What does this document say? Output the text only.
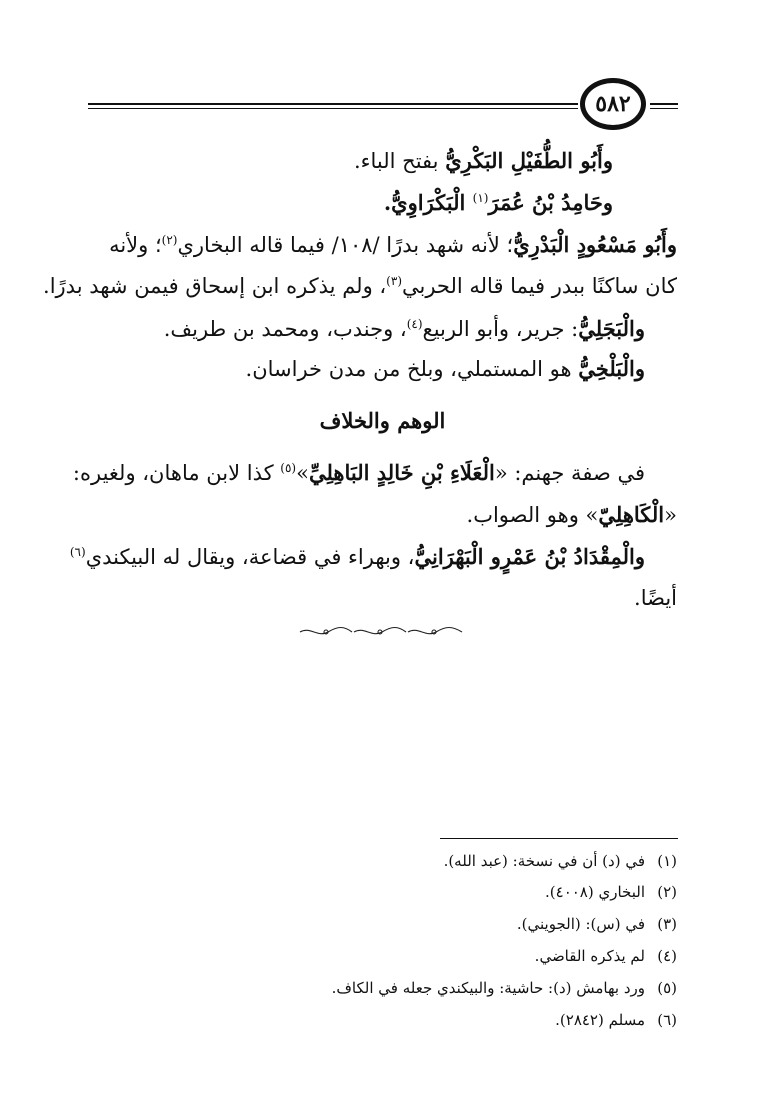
٥٨٢
وأَبُو الطُّفَيْلِ البَكْرِيُّ بفتح الباء.
وحَامِدُ بْنُ عُمَرَ$^{(١)}$ الْبَكْرَاوِيُّ.
وأَبُو مَسْعُودٍ الْبَدْرِيُّ؛ لأنه شهد بدرًا /١٠٨/ فيما قاله البخاري$^{(٢)}$؛ ولأنه
كان ساكنًا ببدر فيما قاله الحربي$^{(٣)}$، ولم يذكره ابن إسحاق فيمن شهد بدرًا.
والْبَجَلِيُّ: جرير، وأبو الربيع$^{(٤)}$، وجندب، ومحمد بن طريف.
والْبَلْخِيُّ هو المستملي، وبلخ من مدن خراسان.
الوهم والخلاف
في صفة جهنم: «الْعَلَاءِ بْنِ خَالِدٍ البَاهِلِيِّ»$^{(٥)}$ كذا لابن ماهان، ولغيره:
«الْكَاهِلِيّ» وهو الصواب.
والْمِقْدَادُ بْنُ عَمْرٍو الْبَهْرَانِيُّ، وبهراء في قضاعة، ويقال له البيكندي$^{(٦)}$
أيضًا.
(١)في (د) أن في نسخة: (عبد الله).
(٢)البخاري (٤٠٠٨).
(٣)في (س): (الجويني).
(٤)لم يذكره القاضي.
(٥)ورد بهامش (د): حاشية: والبيكندي جعله في الكاف.
(٦)مسلم (٢٨٤٢).
